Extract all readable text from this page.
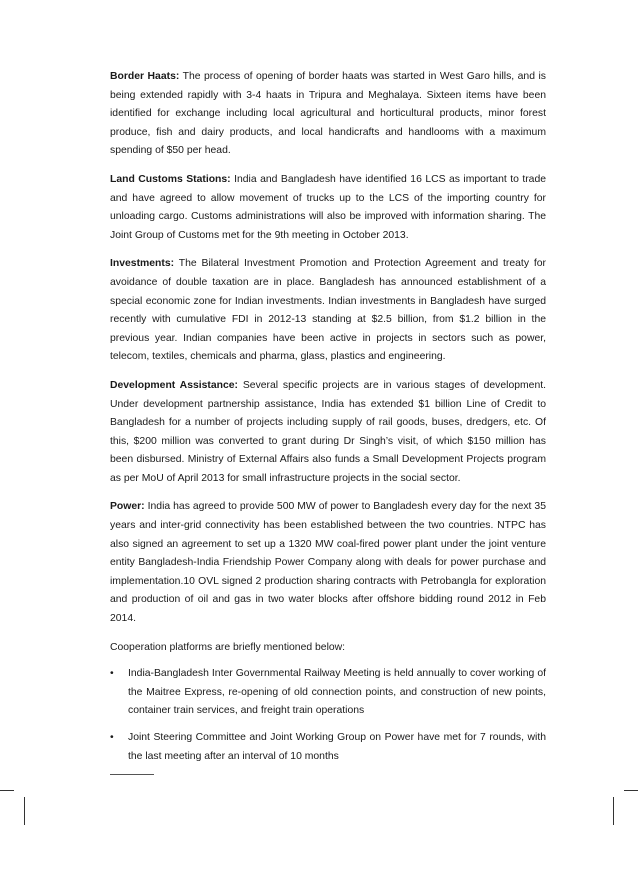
Border Haats: The process of opening of border haats was started in West Garo hills, and is being extended rapidly with 3-4 haats in Tripura and Meghalaya. Sixteen items have been identified for exchange including local agricultural and horticultural products, minor forest produce, fish and dairy products, and local handicrafts and handlooms with a maximum spending of $50 per head.

Land Customs Stations: India and Bangladesh have identified 16 LCS as important to trade and have agreed to allow movement of trucks up to the LCS of the importing country for unloading cargo. Customs administrations will also be improved with information sharing. The Joint Group of Customs met for the 9th meeting in October 2013.

Investments: The Bilateral Investment Promotion and Protection Agreement and treaty for avoidance of double taxation are in place. Bangladesh has announced establishment of a special economic zone for Indian investments. Indian investments in Bangladesh have surged recently with cumulative FDI in 2012-13 standing at $2.5 billion, from $1.2 billion in the previous year. Indian companies have been active in projects in sectors such as power, telecom, textiles, chemicals and pharma, glass, plastics and engineering.

Development Assistance: Several specific projects are in various stages of development. Under development partnership assistance, India has extended $1 billion Line of Credit to Bangladesh for a number of projects including supply of rail goods, buses, dredgers, etc. Of this, $200 million was converted to grant during Dr Singh’s visit, of which $150 million has been disbursed. Ministry of External Affairs also funds a Small Development Projects program as per MoU of April 2013 for small infrastructure projects in the social sector.

Power: India has agreed to provide 500 MW of power to Bangladesh every day for the next 35 years and inter-grid connectivity has been established between the two countries. NTPC has also signed an agreement to set up a 1320 MW coal-fired power plant under the joint venture entity Bangladesh-India Friendship Power Company along with deals for power purchase and implementation.10 OVL signed 2 production sharing contracts with Petrobangla for exploration and production of oil and gas in two water blocks after offshore bidding round 2012 in Feb 2014.

Cooperation platforms are briefly mentioned below:

• India-Bangladesh Inter Governmental Railway Meeting is held annually to cover working of the Maitree Express, re-opening of old connection points, and construction of new points, container train services, and freight train operations
• Joint Steering Committee and Joint Working Group on Power have met for 7 rounds, with the last meeting after an interval of 10 months
